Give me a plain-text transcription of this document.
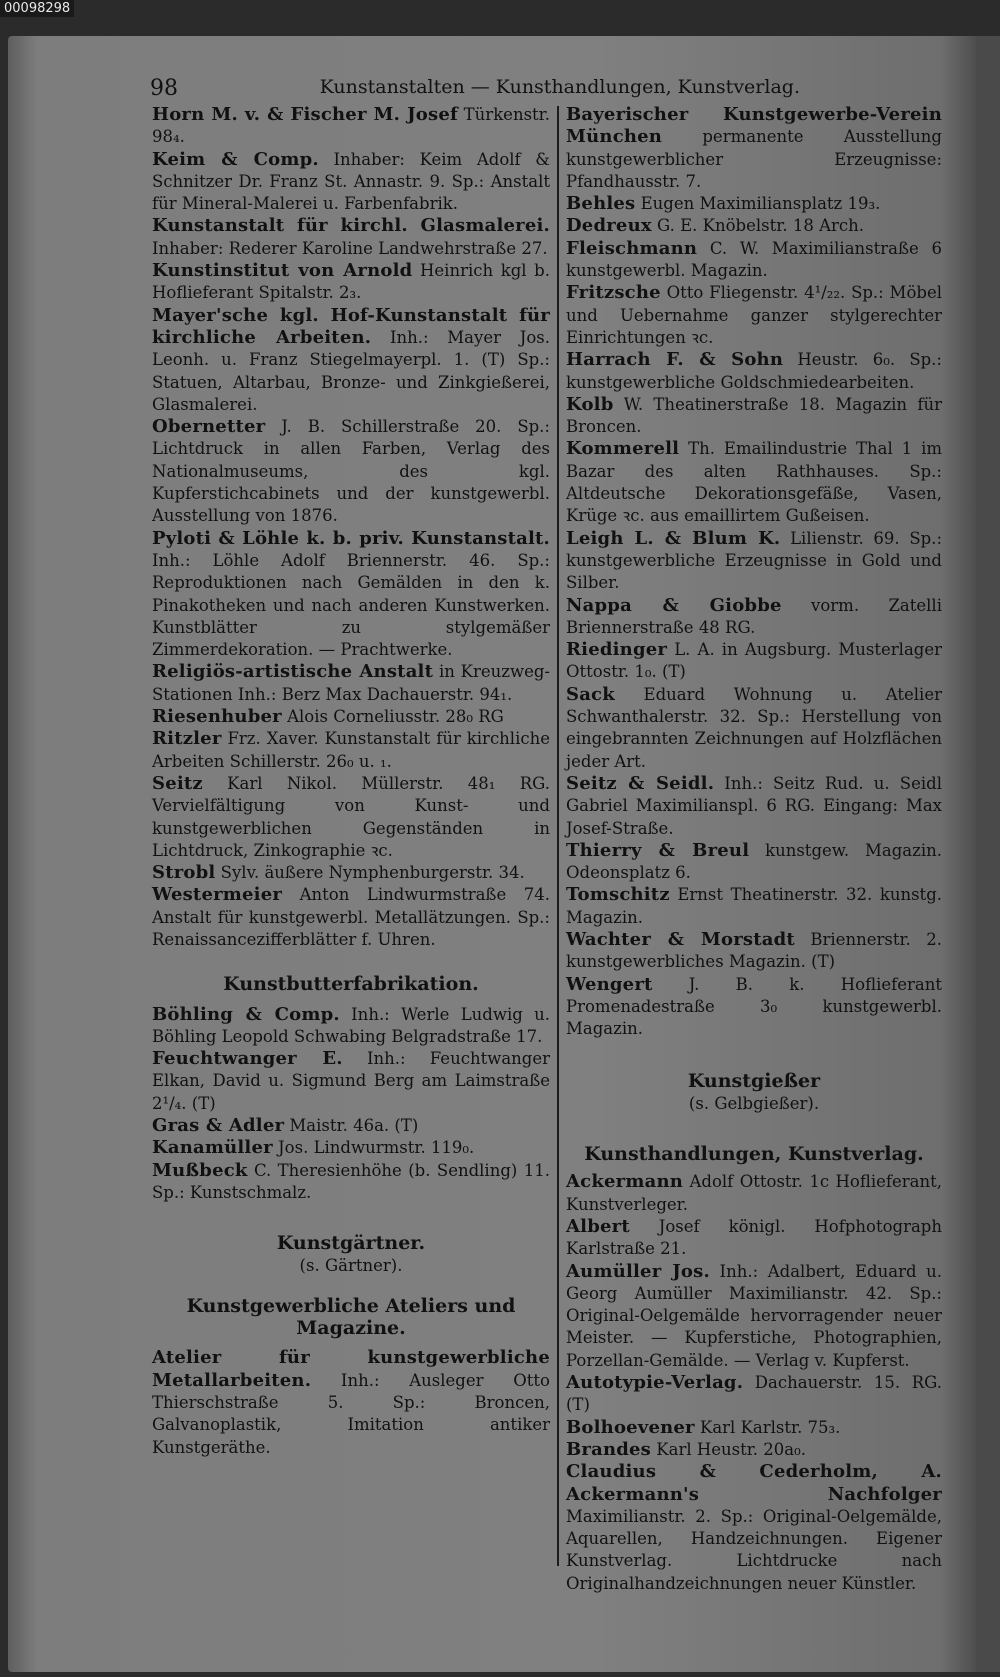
00098298
98	Kunstanstalten — Kunsthandlungen, Kunstverlag.

Horn M. v. & Fischer M. Josef Türkenstr. 98₄.

Keim & Comp. Inhaber: Keim Adolf & Schnitzer Dr. Franz St. Annastr. 9. Sp.: Anstalt für Mineral-Malerei u. Farbenfabrik.

Kunstanstalt für kirchl. Glasmalerei. Inhaber: Rederer Karoline Landwehrstraße 27.

Kunstinstitut von Arnold Heinrich kgl b. Hoflieferant Spitalstr. 2₃.

Mayer'sche kgl. Hof-Kunstanstalt für kirchliche Arbeiten. Inh.: Mayer Jos. Leonh. u. Franz Stiegelmayerpl. 1. (T) Sp.: Statuen, Altarbau, Bronze- und Zinkgießerei, Glasmalerei.

Obernetter J. B. Schillerstraße 20. Sp.: Lichtdruck in allen Farben, Verlag des Nationalmuseums, des kgl. Kupferstichcabinets und der kunstgewerbl. Ausstellung von 1876.

Pyloti & Löhle k. b. priv. Kunstanstalt. Inh.: Löhle Adolf Briennerstr. 46. Sp.: Reproduktionen nach Gemälden in den k. Pinakotheken und nach anderen Kunstwerken. Kunstblätter zu stylgemäßer Zimmerdekoration. — Prachtwerke.

Religiös-artistische Anstalt in Kreuzweg-Stationen Inh.: Berz Max Dachauerstr. 94₁.

Riesenhuber Alois Corneliusstr. 28₀ RG

Ritzler Frz. Xaver. Kunstanstalt für kirchliche Arbeiten Schillerstr. 26₀ u. ₁.

Seitz Karl Nikol. Müllerstr. 48₁ RG. Vervielfältigung von Kunst- und kunstgewerblichen Gegenständen in Lichtdruck, Zinkographie ꝛc.

Strobl Sylv. äußere Nymphenburgerstr. 34.

Westermeier Anton Lindwurmstraße 74. Anstalt für kunstgewerbl. Metallätzungen. Sp.: Renaissancezifferblätter f. Uhren.

Kunstbutterfabrikation.

Böhling & Comp. Inh.: Werle Ludwig u. Böhling Leopold Schwabing Belgradstraße 17.

Feuchtwanger E. Inh.: Feuchtwanger Elkan, David u. Sigmund Berg am Laimstraße 2¹/₄. (T)

Gras & Adler Maistr. 46a. (T)

Kanamüller Jos. Lindwurmstr. 119₀.

Mußbeck C. Theresienhöhe (b. Sendling) 11. Sp.: Kunstschmalz.

Kunstgärtner.

(s. Gärtner).

Kunstgewerbliche Ateliers und Magazine.

Atelier für kunstgewerbliche Metallarbeiten. Inh.: Ausleger Otto Thierschstraße 5. Sp.: Broncen, Galvanoplastik, Imitation antiker Kunstgeräthe.

Bayerischer Kunstgewerbe-Verein München permanente Ausstellung kunstgewerblicher Erzeugnisse: Pfandhausstr. 7.

Behles Eugen Maximiliansplatz 19₃.

Dedreux G. E. Knöbelstr. 18 Arch.

Fleischmann C. W. Maximilianstraße 6 kunstgewerbl. Magazin.

Fritzsche Otto Fliegenstr. 4¹/₂₂. Sp.: Möbel und Uebernahme ganzer stylgerechter Einrichtungen ꝛc.

Harrach F. & Sohn Heustr. 6₀. Sp.: kunstgewerbliche Goldschmiedearbeiten.

Kolb W. Theatinerstraße 18. Magazin für Broncen.

Kommerell Th. Emailindustrie Thal 1 im Bazar des alten Rathhauses. Sp.: Altdeutsche Dekorationsgefäße, Vasen, Krüge ꝛc. aus emaillirtem Gußeisen.

Leigh L. & Blum K. Lilienstr. 69. Sp.: kunstgewerbliche Erzeugnisse in Gold und Silber.

Nappa & Giobbe vorm. Zatelli Briennerstraße 48 RG.

Riedinger L. A. in Augsburg. Musterlager Ottostr. 1₀. (T)

Sack Eduard Wohnung u. Atelier Schwanthalerstr. 32. Sp.: Herstellung von eingebrannten Zeichnungen auf Holzflächen jeder Art.

Seitz & Seidl. Inh.: Seitz Rud. u. Seidl Gabriel Maximilianspl. 6 RG. Eingang: Max Josef-Straße.

Thierry & Breul kunstgew. Magazin. Odeonsplatz 6.

Tomschitz Ernst Theatinerstr. 32. kunstg. Magazin.

Wachter & Morstadt Briennerstr. 2. kunstgewerbliches Magazin. (T)

Wengert J. B. k. Hoflieferant Promenadestraße 3₀ kunstgewerbl. Magazin.

Kunstgießer

(s. Gelbgießer).

Kunsthandlungen, Kunstverlag.

Ackermann Adolf Ottostr. 1c Hoflieferant, Kunstverleger.

Albert Josef königl. Hofphotograph Karlstraße 21.

Aumüller Jos. Inh.: Adalbert, Eduard u. Georg Aumüller Maximilianstr. 42. Sp.: Original-Oelgemälde hervorragender neuer Meister. — Kupferstiche, Photographien, Porzellan-Gemälde. — Verlag v. Kupferst.

Autotypie-Verlag. Dachauerstr. 15. RG. (T)

Bolhoevener Karl Karlstr. 75₃.

Brandes Karl Heustr. 20a₀.

Claudius & Cederholm, A. Ackermann's Nachfolger Maximilianstr. 2. Sp.: Original-Oelgemälde, Aquarellen, Handzeichnungen. Eigener Kunstverlag. Lichtdrucke nach Originalhandzeichnungen neuer Künstler.
